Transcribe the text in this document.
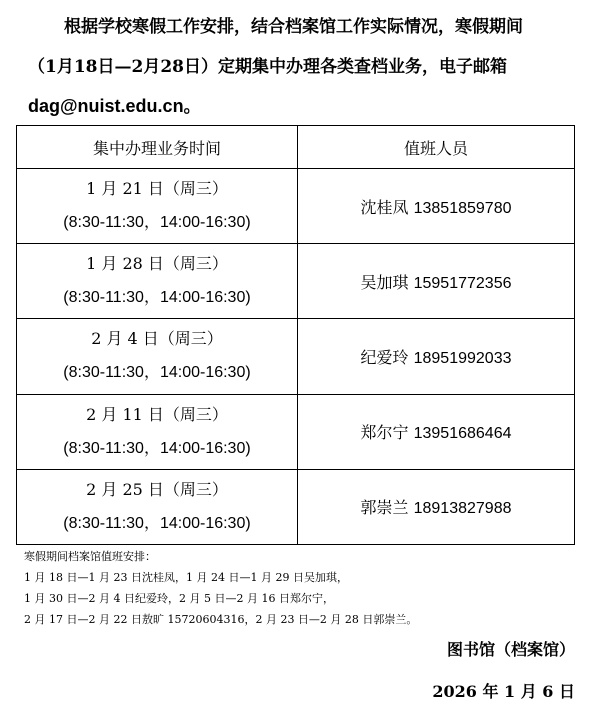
根据学校寒假工作安排，结合档案馆工作实际情况，寒假期间
（1月18日—2月28日）定期集中办理各类查档业务，电子邮箱
dag@nuist.edu.cn。
集中办理业务时间	值班人员

1 月 21 日（周三）
(8:30-11:30，14:00-16:30)	沈桂凤 13851859780

1 月 28 日（周三）
(8:30-11:30，14:00-16:30)	吴加琪 15951772356

2 月 4 日（周三）
(8:30-11:30，14:00-16:30)	纪爱玲 18951992033

2 月 11 日（周三）
(8:30-11:30，14:00-16:30)	郑尔宁 13951686464

2 月 25 日（周三）
(8:30-11:30，14:00-16:30)	郭崇兰 18913827988
寒假期间档案馆值班安排：
1 月 18 日—1 月 23 日沈桂凤，1 月 24 日—1 月 29 日吴加琪，
1 月 30 日—2 月 4 日纪爱玲，2 月 5 日—2 月 16 日郑尔宁，
2 月 17 日—2 月 22 日敖旷 15720604316，2 月 23 日—2 月 28 日郭崇兰。
图书馆（档案馆）
2026 年 1 月 6 日
